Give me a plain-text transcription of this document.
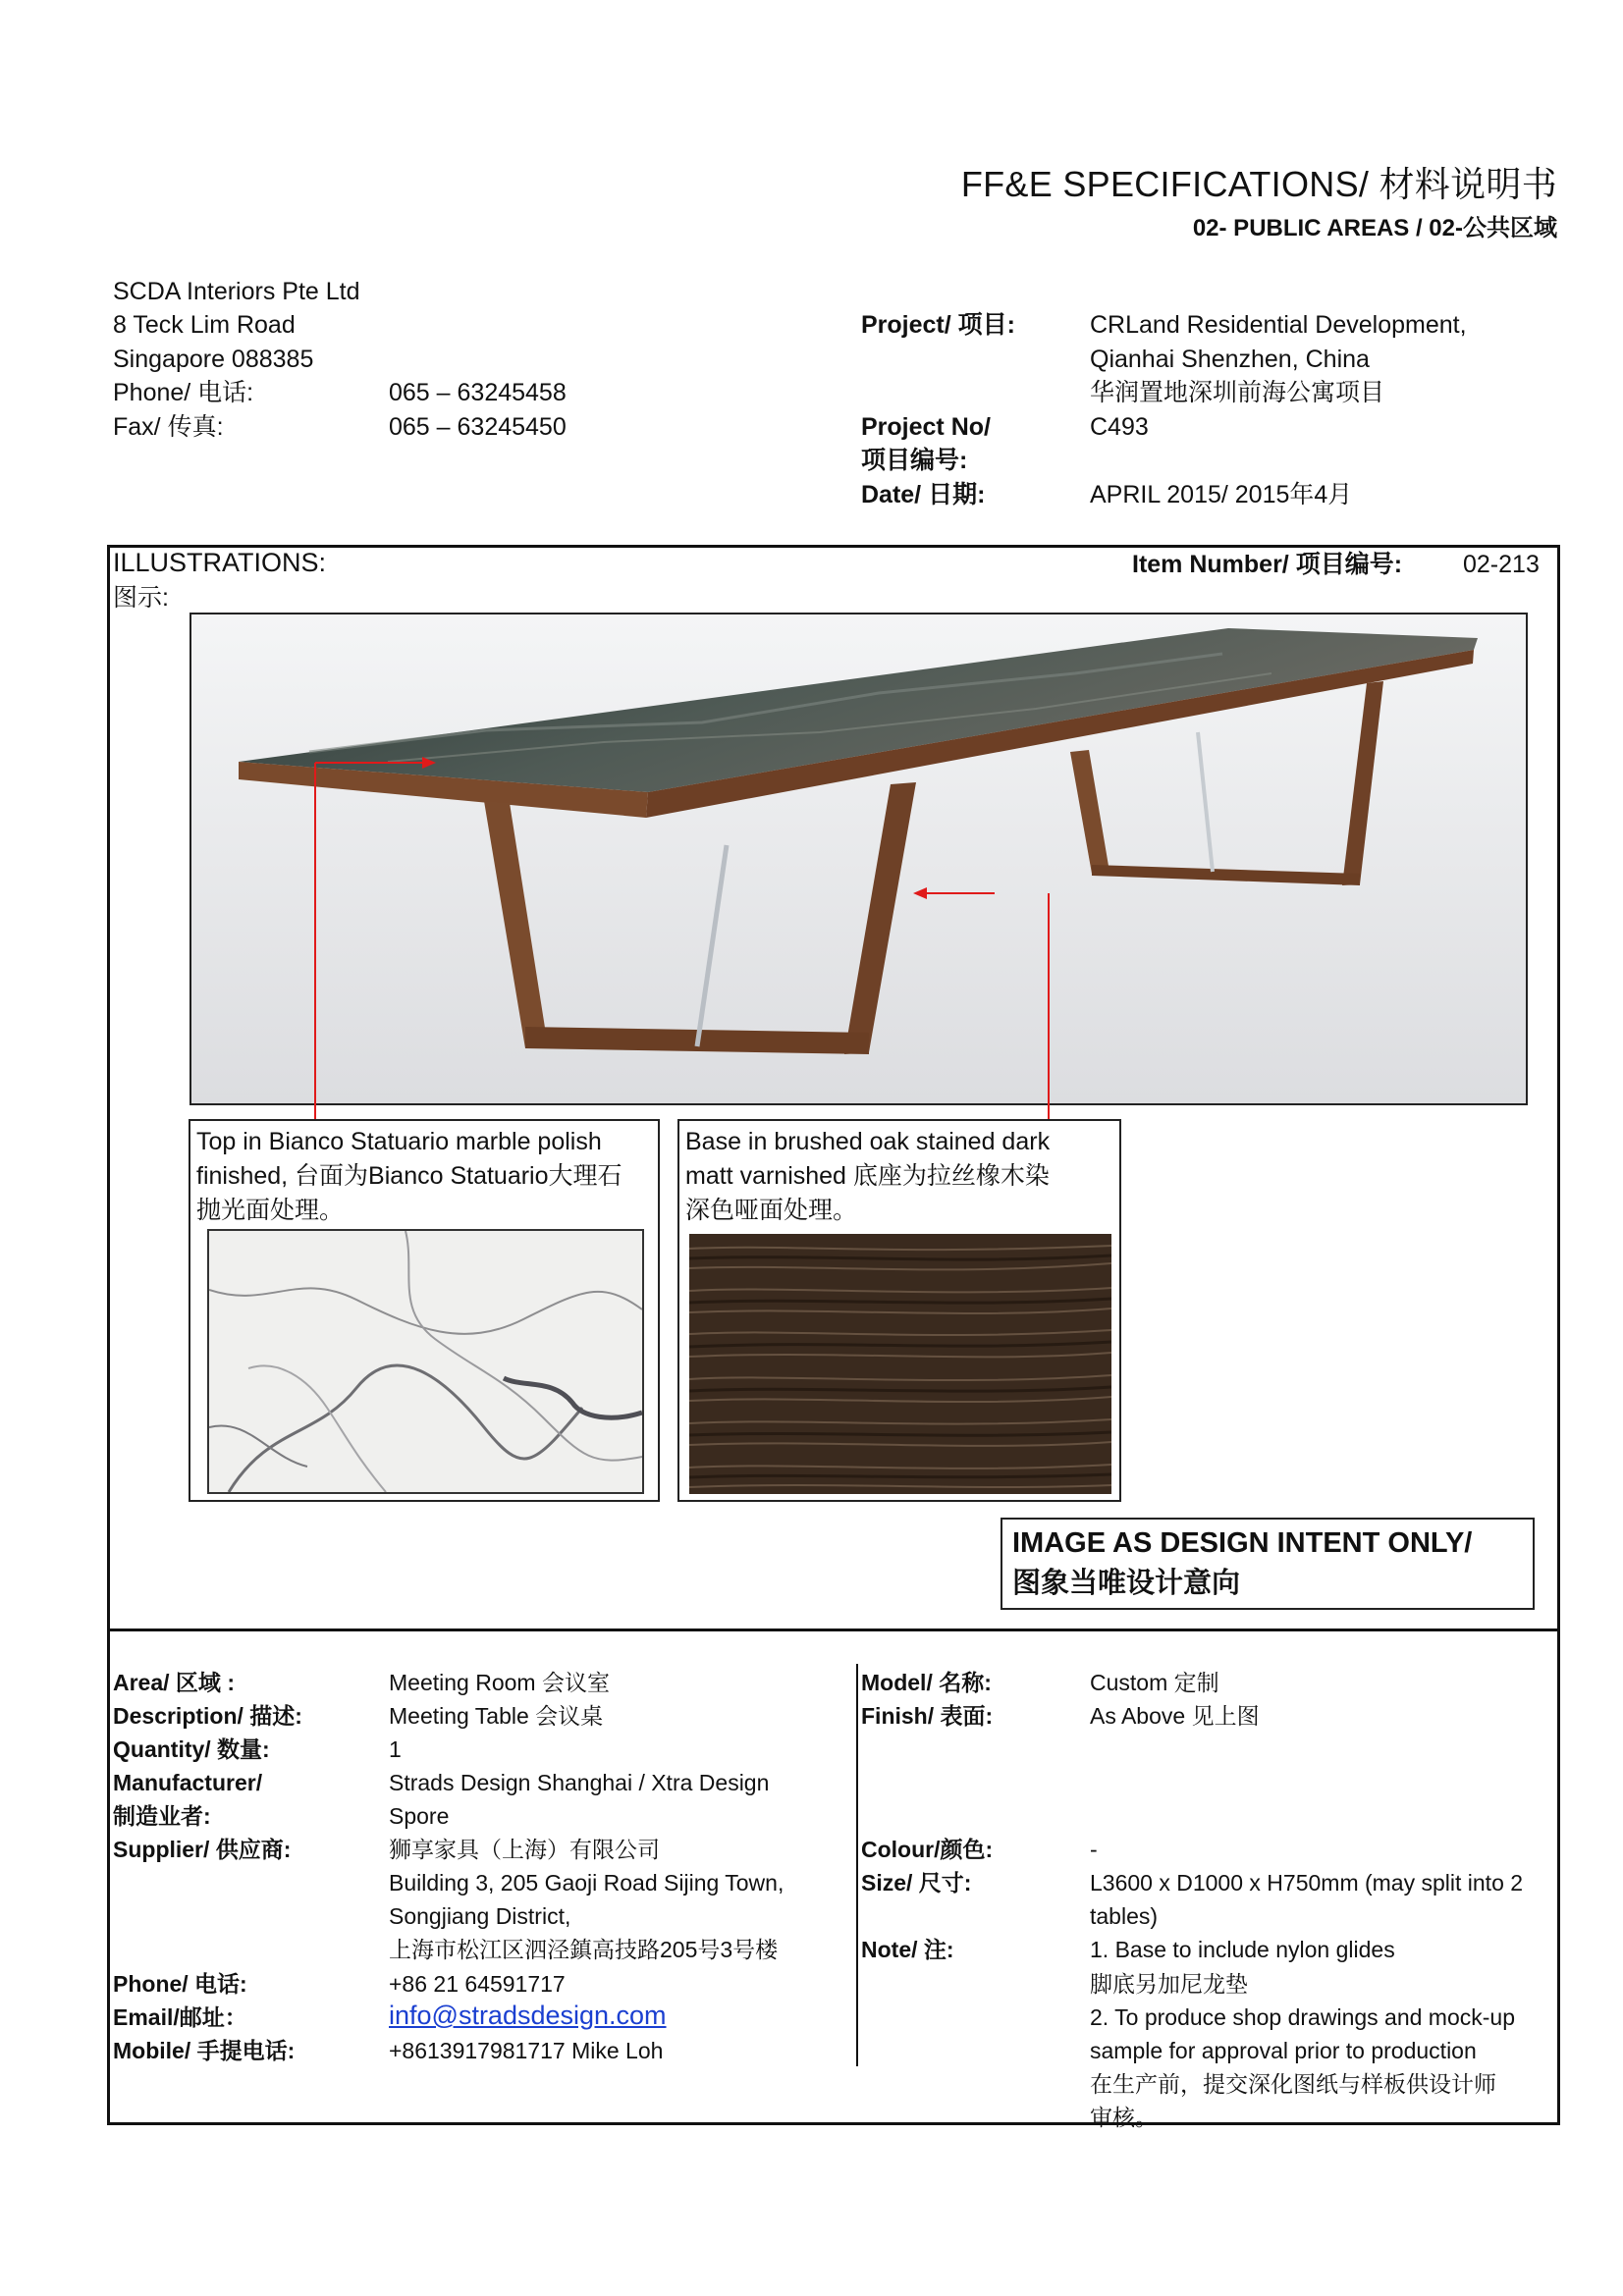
FF&E SPECIFICATIONS/ 材料说明书
02- PUBLIC AREAS / 02-公共区域
SCDA Interiors Pte Ltd
8 Teck Lim Road
Singapore 088385
Phone/ 电话:	065 – 63245458
Fax/ 传真:	065 – 63245450
Project/ 项目:	CRLand Residential Development,
Qianhai Shenzhen, China
华润置地深圳前海公寓项目
Project No/
项目编号:
C493
Date/ 日期:	APRIL 2015/ 2015年4月
ILLUSTRATIONS:
图示:
Item Number/ 项目编号: 02-213
Top in Bianco Statuario marble polish
finished, 台面为Bianco Statuario大理石
抛光面处理。
Base in brushed oak stained dark
matt varnished 底座为拉丝橡木染
深色哑面处理。
IMAGE AS DESIGN INTENT ONLY/
图象当唯设计意向
Area/ 区域 :	Meeting Room 会议室
Description/ 描述:	Meeting Table 会议桌
Quantity/ 数量:	1
Manufacturer/
制造业者:
Strads Design Shanghai / Xtra Design
Spore
Supplier/ 供应商:	狮享家具（上海）有限公司
Building 3, 205 Gaoji Road Sijing Town,
Songjiang District,
上海市松江区泗泾鎮高技路205号3号楼
Phone/ 电话:	+86 21 64591717
Email/邮址：	info@stradsdesign.com
Mobile/ 手提电话:	+8613917981717 Mike Loh
Model/ 名称:	Custom 定制
Finish/ 表面:	As Above 见上图
Colour/颜色:	-
Size/ 尺寸:	L3600 x D1000 x H750mm (may split into 2
tables)
Note/ 注:	1. Base to include nylon glides
脚底另加尼龙垫
2. To produce shop drawings and mock-up
sample for approval prior to production
在生产前，提交深化图纸与样板供设计师
审核。
